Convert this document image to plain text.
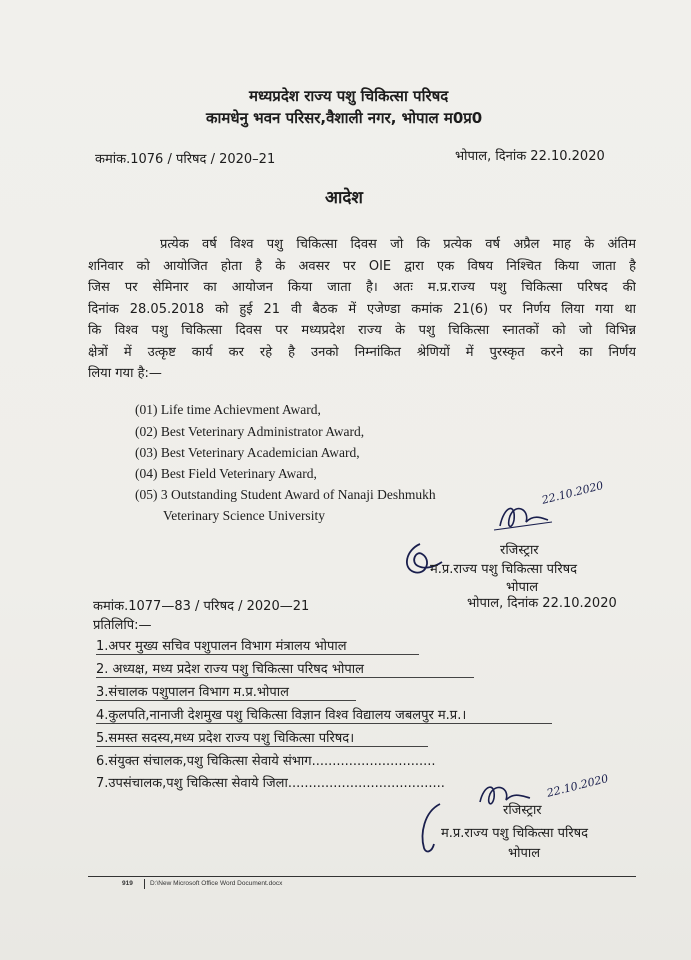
मध्यप्रदेश राज्य पशु चिकित्सा परिषद
कामधेनु भवन परिसर,वैशाली नगर, भोपाल म0प्र0
कमांक.1076 / परिषद / 2020–21	भोपाल, दिनांक 22.10.2020
आदेश
प्रत्येक वर्ष विश्व पशु चिकित्सा दिवस जो कि प्रत्येक वर्ष अप्रैल माह के अंतिम
शनिवार को आयोजित होता है के अवसर पर OIE द्वारा एक विषय निश्चित किया जाता है
जिस पर सेमिनार का आयोजन किया जाता है। अतः म.प्र.राज्य पशु चिकित्सा परिषद की
दिनांक 28.05.2018 को हुई 21 वी बैठक में एजेण्डा कमांक 21(6) पर निर्णय लिया गया था
कि विश्व पशु चिकित्सा दिवस पर मध्यप्रदेश राज्य के पशु चिकित्सा स्नातकों को जो विभिन्न
क्षेत्रों में उत्कृष्ट कार्य कर रहे है उनको निम्नांकित श्रेणियों में पुरस्कृत करने का निर्णय
लिया गया है:—
(01) Life time Achievment Award,
(02) Best Veterinary Administrator Award,
(03) Best Veterinary Academician Award,
(04) Best Field Veterinary Award,
(05) 3 Outstanding Student Award of Nanaji Deshmukh
Veterinary Science University
22.10.2020
रजिस्ट्रार
म.प्र.राज्य पशु चिकित्सा परिषद
भोपाल
कमांक.1077—83 / परिषद / 2020—21	भोपाल, दिनांक 22.10.2020
प्रतिलिपि:—
1.अपर मुख्य सचिव पशुपालन विभाग मंत्रालय भोपाल
2. अध्यक्ष, मध्य प्रदेश राज्य पशु चिकित्सा परिषद भोपाल
3.संचालक पशुपालन विभाग म.प्र.भोपाल
4.कुलपति,नानाजी देशमुख पशु चिकित्सा विज्ञान विश्व विद्यालय जबलपुर म.प्र.।
5.समस्त सदस्य,मध्य प्रदेश राज्य पशु चिकित्सा परिषद।
6.संयुक्त संचालक,पशु चिकित्सा सेवाये संभाग..............................
7.उपसंचालक,पशु चिकित्सा सेवाये जिला......................................	22.10.2020
रजिस्ट्रार
म.प्र.राज्य पशु चिकित्सा परिषद
भोपाल
919	D:\New Microsoft Office Word Document.docx
